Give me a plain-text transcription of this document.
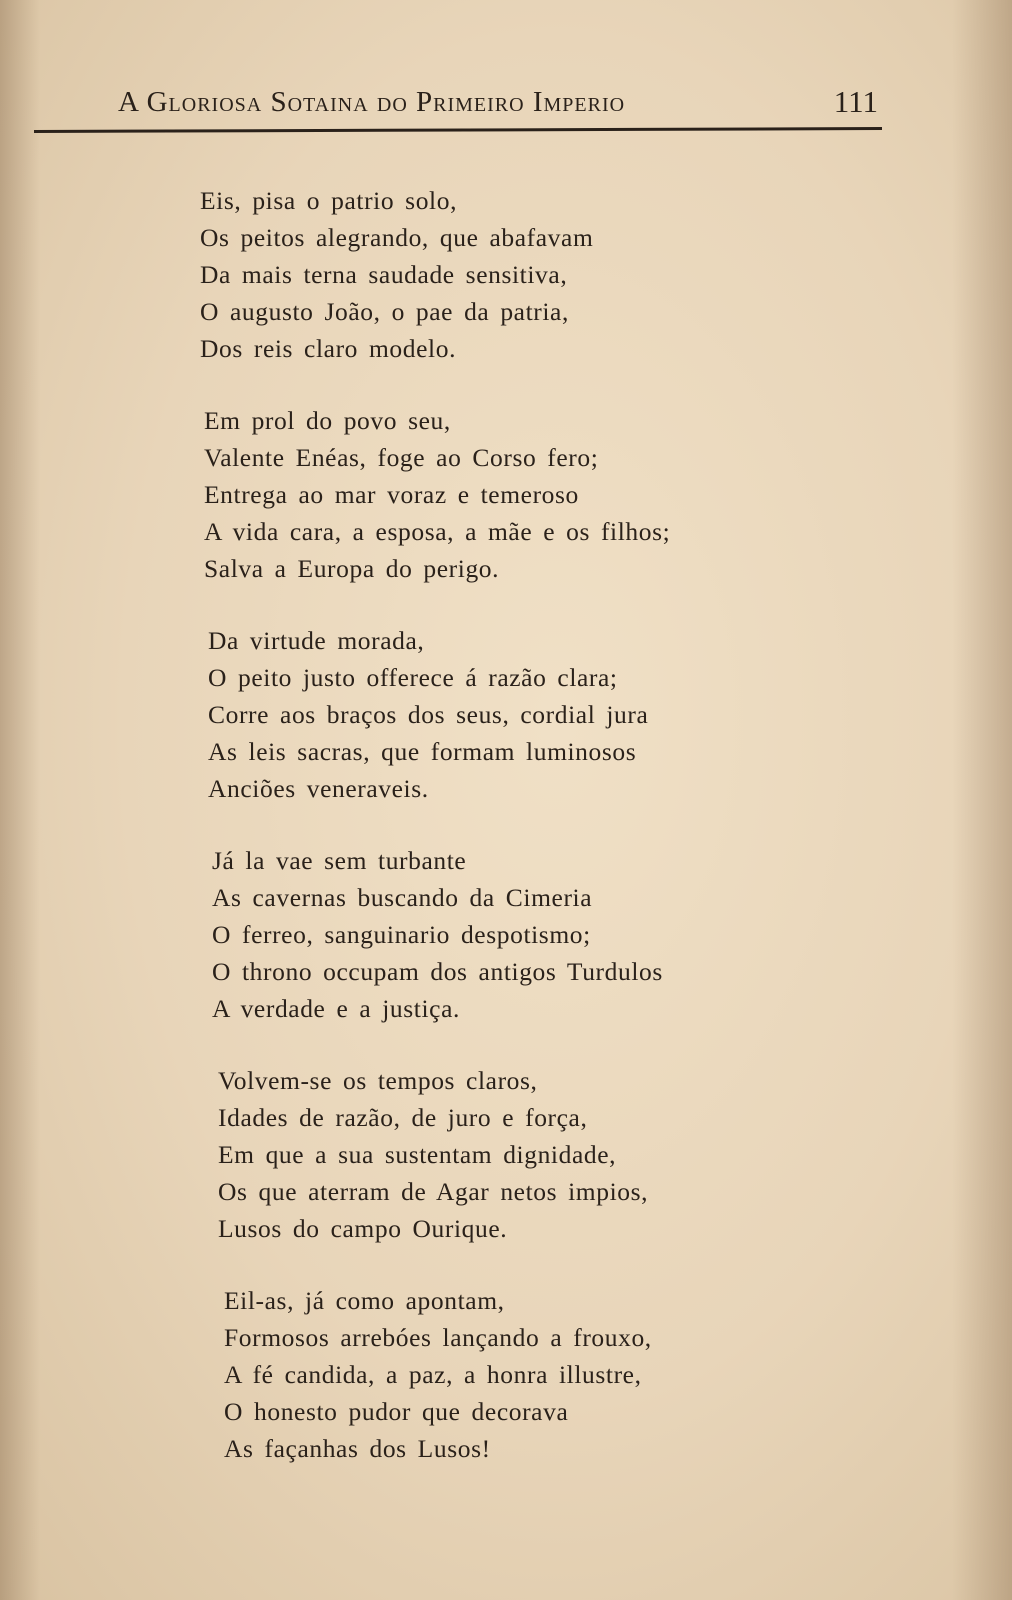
A Gloriosa Sotaina do Primeiro Imperio	111
Eis, pisa o patrio solo,
Os peitos alegrando, que abafavam
Da mais terna saudade sensitiva,
O augusto João, o pae da patria,
Dos reis claro modelo.
Em prol do povo seu,
Valente Enéas, foge ao Corso fero;
Entrega ao mar voraz e temeroso
A vida cara, a esposa, a mãe e os filhos;
Salva a Europa do perigo.
Da virtude morada,
O peito justo offerece á razão clara;
Corre aos braços dos seus, cordial jura
As leis sacras, que formam luminosos
Anciões veneraveis.
Já la vae sem turbante
As cavernas buscando da Cimeria
O ferreo, sanguinario despotismo;
O throno occupam dos antigos Turdulos
A verdade e a justiça.
Volvem-se os tempos claros,
Idades de razão, de juro e força,
Em que a sua sustentam dignidade,
Os que aterram de Agar netos impios,
Lusos do campo Ourique.
Eil-as, já como apontam,
Formosos arrebóes lançando a frouxo,
A fé candida, a paz, a honra illustre,
O honesto pudor que decorava
As façanhas dos Lusos!
